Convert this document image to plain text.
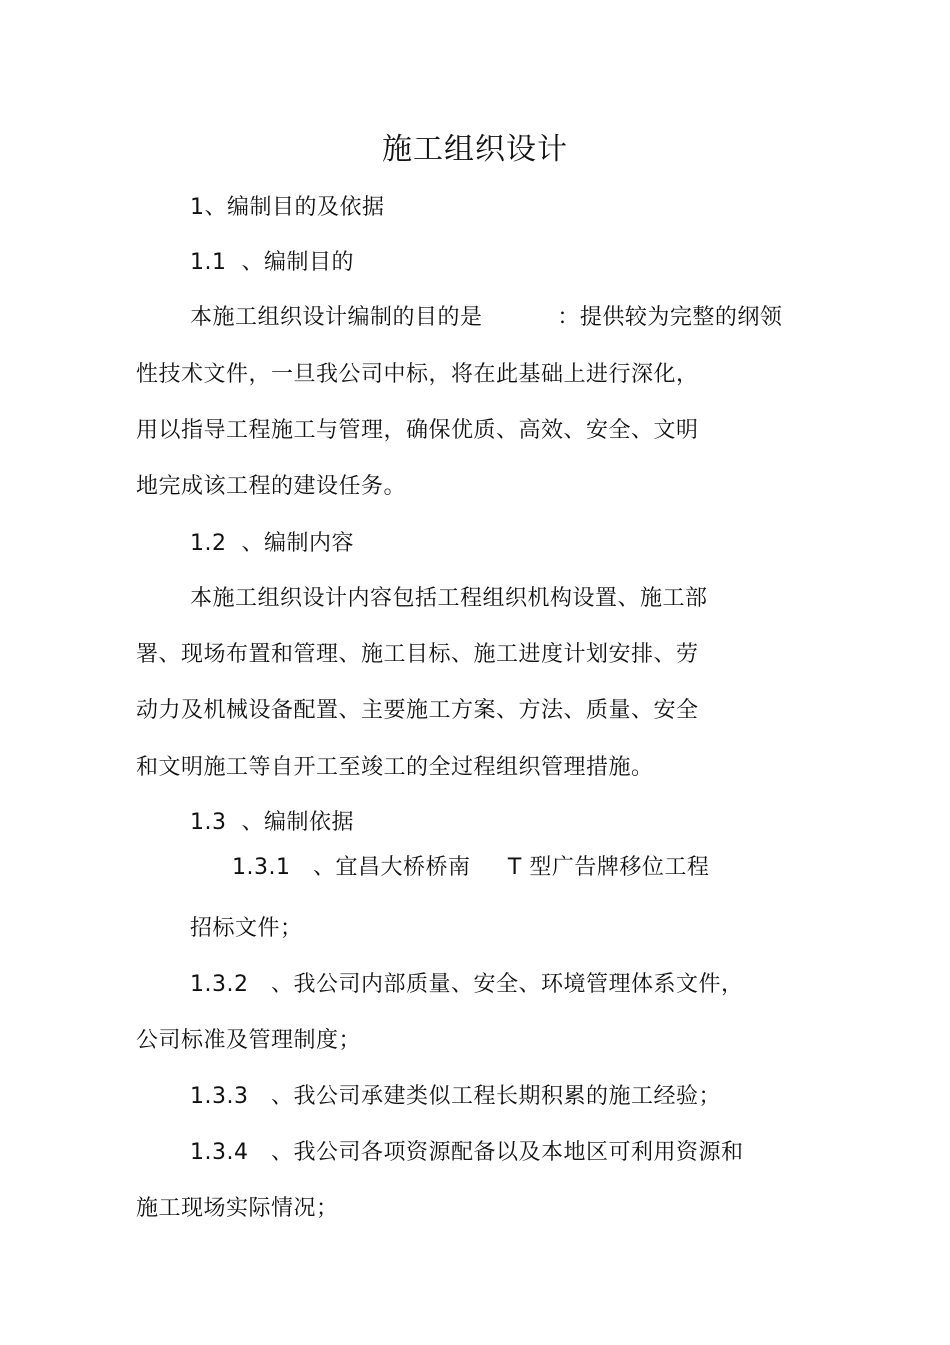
施工组织设计
1、编制目的及依据
1.1  、编制目的
本施工组织设计编制的目的是          ：提供较为完整的纲领
性技术文件，一旦我公司中标，将在此基础上进行深化，
用以指导工程施工与管理，确保优质、高效、安全、文明
地完成该工程的建设任务。
1.2  、编制内容
本施工组织设计内容包括工程组织机构设置、施工部
署、现场布置和管理、施工目标、施工进度计划安排、劳
动力及机械设备配置、主要施工方案、方法、质量、安全
和文明施工等自开工至竣工的全过程组织管理措施。
1.3  、编制依据
1.3.1   、宜昌大桥桥南     T 型广告牌移位工程
招标文件；
1.3.2   、我公司内部质量、安全、环境管理体系文件，
公司标准及管理制度；
1.3.3   、我公司承建类似工程长期积累的施工经验；
1.3.4   、我公司各项资源配备以及本地区可利用资源和
施工现场实际情况；
